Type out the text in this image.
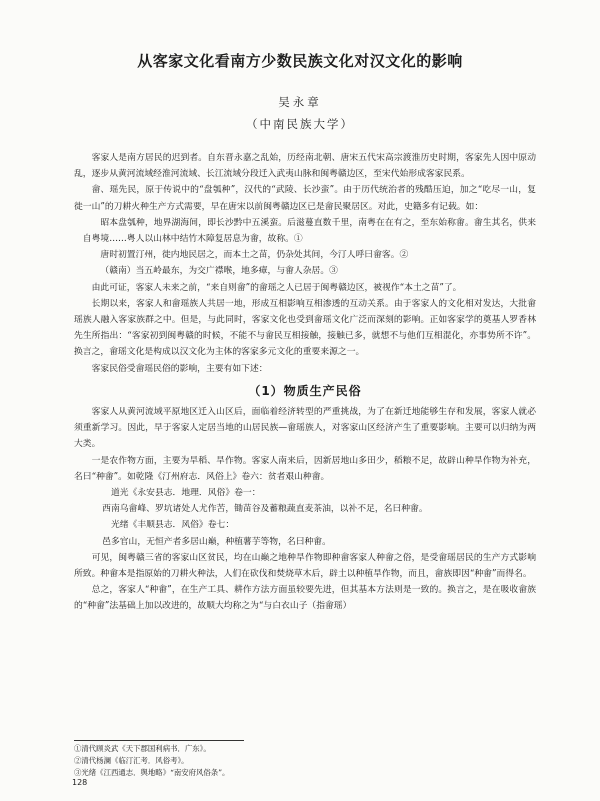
从客家文化看南方少数民族文化对汉文化的影响
吴永章
（中南民族大学）

客家人是南方居民的迟到者。自东晋永嘉之乱始，历经南北朝、唐宋五代宋高宗渡淮历史时期，客家先人因中原动乱，逐步从黄河流域经淮河流域、长江流域分段迁入武夷山脉和闽粤赣边区，至宋代始形成客家民系。

畲、瑶先民，原于传说中的“盘瓠种”，汉代的“武陵、长沙蛮”。由于历代统治者的残酷压迫，加之“吃尽一山，复徙一山”的刀耕火种生产方式需要，早在唐宋以前闽粤赣边区已是畲民聚居区。对此，史籍多有记载。如：

昭本盘瓠种，地界湖海间，即长沙黔中五溪蛮。后滋蔓直数千里，南粤在在有之，至东始称畬。畬生其名，供来自粤境……粤人以山林中结竹木障复居息为畬，故称。①

唐时初置汀州，徙内地民居之，而本土之苗，仍杂处其间，今汀人呼曰畲客。②

（赣南）当五岭最东，为交广襟喉，地多瘴，与畬人杂居。③

由此可证，客家人未来之前，“来自则畲”的畲瑶之人已居于闽粤赣边区，被视作“本土之苗”了。

长期以来，客家人和畲瑶族人共居一地，形成互相影响互相渗透的互动关系。由于客家人的文化相对发达，大批畲瑶族人融入客家族群之中。但是，与此同时，客家文化也受到畲瑶文化广泛而深刻的影响。正如客家学的奠基人罗香林先生所指出：“客家初到闽粤赣的时候，不能不与畲民互相接触，接触已多，就想不与他们互相混化，亦事势所不许”。换言之，畲瑶文化是构成以汉文化为主体的客家多元文化的重要来源之一。

客家民俗受畲瑶民俗的影响，主要有如下述：

（1）物质生产民俗

客家人从黄河流域平原地区迁入山区后，面临着经济转型的严重挑战，为了在新迁地能够生存和发展，客家人就必须重新学习。因此，早于客家人定居当地的山居民族—畲瑶族人，对客家山区经济产生了重要影响。主要可以归纳为两大类。

一是农作物方面，主要为旱稻、旱作物。客家人南来后，因新居地山多田少，稻粮不足，故辟山种旱作物为补充，名曰“种畬”。如乾隆《汀州府志．风俗上》卷六：贫者艰山种畬。

道光《永安县志．地理．风俗》卷一：

西南乌畲峰、罗坑诸处人尤作苦，锄苗谷及蓄粮蔬直麦茶油，以补不足，名曰种畬。

光绪《丰顺县志．风俗》卷七：

邑多官山，无恒产者多居山巅，种植薯芋等物，名曰种畬。

可见，闽粤赣三省的客家山区贫民，均在山巅之地种旱作物即种畲客家人种畲之俗，是受畲瑶居民的生产方式影响所致。种畲本是指原始的刀耕火种法，人们在砍伐和焚烧草木后，辟土以种植旱作物，而且，畲族即因“种畬”而得名。

总之，客家人“种畬”，在生产工具、耕作方法方面虽较要先进，但其基本方法则是一致的。换言之，是在吸收畲族的“种畲”法基础上加以改进的，故顺大均称之为“与白衣山子（指畲瑶）

①清代顾炎武《天下郡国利病书．广东》。
②清代杨澜《临汀汇考．风俗考》。
③光绪《江西通志．舆地略》“南安府风俗条”。
128
